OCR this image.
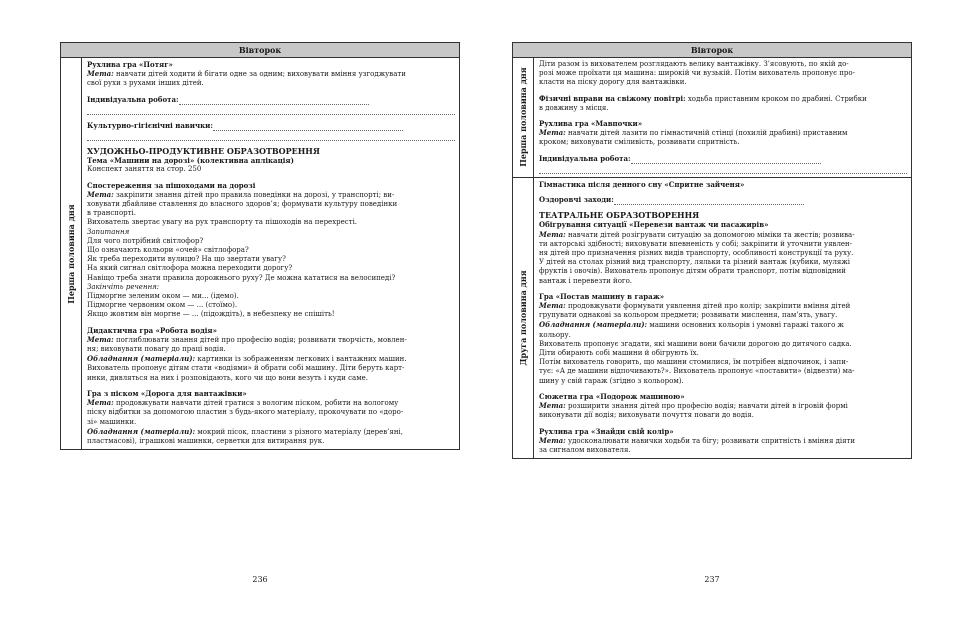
Вівторок
Перша половина дня

Рухлива гра «Потяг»

Мета: навчати дітей ходити й бігати одне за одним; виховувати вміння узгоджувати

свої рухи з рухами інших дітей.

Індивідуальна робота:

Культурно-гігієнічні навички:

ХУДОЖНЬО-ПРОДУКТИВНЕ ОБРАЗОТВОРЕННЯ

Тема «Машини на дорозі» (колективна аплікація)

Конспект заняття на стор. 250

Спостереження за пішоходами на дорозі

Мета: закріпити знання дітей про правила поведінки на дорозі, у транспорті; ви-

ховувати дбайливе ставлення до власного здоров’я; формувати культуру поведінки

в транспорті.

Вихователь звертає увагу на рух транспорту та пішоходів на перехресті.

Запитання

Для чого потрібний світлофор?

Що означають кольори «очей» світлофора?

Як треба переходити вулицю? На що звертати увагу?

На який сигнал світлофора можна переходити дорогу?

Навіщо треба знати правила дорожнього руху? Де можна кататися на велосипеді?

Закінчіть речення:

Підморгне зеленим оком — ми... (ідемо).

Підморгне червоним оком — ... (стоїмо).

Якщо жовтим він моргне — ... (підождіть), в небезпеку не спішіть!

Дидактична гра «Робота водія»

Мета: поглиблювати знання дітей про професію водія; розвивати творчість, мовлен-

ня; виховувати повагу до праці водія.

Обладнання (матеріали): картинки із зображенням легкових і вантажних машин.

Вихователь пропонує дітям стати «водіями» й обрати собі машину. Діти беруть карт-

инки, дивляться на них і розповідають, кого чи що вони везуть і куди саме.

Гра з піском «Дорога для вантажівки»

Мета: продовжувати навчати дітей гратися з вологим піском, робити на вологому

піску відбитки за допомогою пластин з будь-якого матеріалу, прокочувати по «доро-

зі» машинки.

Обладнання (матеріали): мокрий пісок, пластини з різного матеріалу (дерев’яні,

пластмасові), іграшкові машинки, серветки для витирання рук.

236
Вівторок
Перша половина дня

Діти разом із вихователем розглядають велику вантажівку. З’ясовують, по якій до-

розі може проїхати ця машина: широкій чи вузькій. Потім вихователь пропонує про-

класти на піску дорогу для вантажівки.

Фізичні вправи на свіжому повітрі: ходьба приставним кроком по драбині. Стрибки

в довжину з місця.

Рухлива гра «Мавпочки»

Мета: навчати дітей лазити по гімнастичній стінці (похилій драбині) приставним

кроком; виховувати сміливість, розвивати спритність.

Індивідуальна робота:

Друга половина дня

Гімнастика після денного сну «Спритне зайченя»

Оздоровчі заходи:

ТЕАТРАЛЬНЕ ОБРАЗОТВОРЕННЯ

Обігрування ситуації «Перевези вантаж чи пасажирів»

Мета: навчати дітей розігрувати ситуацію за допомогою міміки та жестів; розвива-

ти акторські здібності; виховувати впевненість у собі; закріпити й уточнити уявлен-

ня дітей про призначення різних видів транспорту, особливості конструкції та руху.

У дітей на столах різний вид транспорту, ляльки та різний вантаж (кубики, муляжі

фруктів і овочів). Вихователь пропонує дітям обрати транспорт, потім відповідний

вантаж і перевезти його.

Гра «Постав машину в гараж»

Мета: продовжувати формувати уявлення дітей про колір; закріпити вміння дітей

групувати однакові за кольором предмети; розвивати мислення, пам’ять, увагу.

Обладнання (матеріали): машини основних кольорів і умовні гаражі такого ж

кольору.

Вихователь пропонує згадати, які машини вони бачили дорогою до дитячого садка.

Діти обирають собі машини й обігрують їх.

Потім вихователь говорить, що машини стомилися, їм потрібен відпочинок, і запи-

тує: «А де машини відпочивають?». Вихователь пропонує «поставити» (відвезти) ма-

шину у свій гараж (згідно з кольором).

Сюжетна гра «Подорож машиною»

Мета: розширити знання дітей про професію водія; навчати дітей в ігровій формі

виконувати дії водія; виховувати почуття поваги до водія.

Рухлива гра «Знайди свій колір»

Мета: удосконалювати навички ходьби та бігу; розвивати спритність і вміння діяти

за сигналом вихователя.

237
